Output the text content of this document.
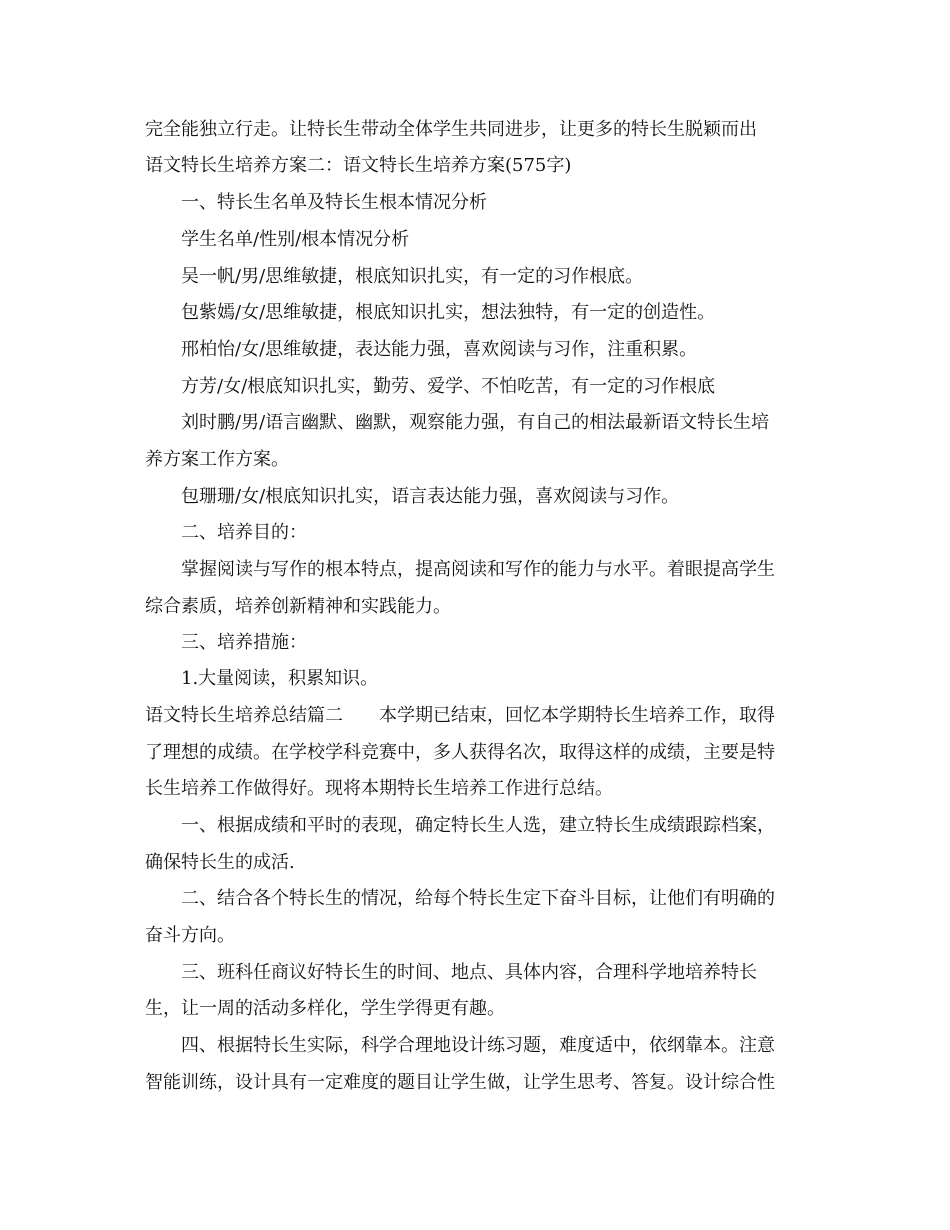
完全能独立行走。让特长生带动全体学生共同进步，让更多的特长生脱颖而出
语文特长生培养方案二：语文特长生培养方案(575字)
一、特长生名单及特长生根本情况分析
学生名单/性别/根本情况分析
吴一帆/男/思维敏捷，根底知识扎实，有一定的习作根底。
包紫嫣/女/思维敏捷，根底知识扎实，想法独特，有一定的创造性。
邢柏怡/女/思维敏捷，表达能力强，喜欢阅读与习作，注重积累。
方芳/女/根底知识扎实，勤劳、爱学、不怕吃苦，有一定的习作根底
刘时鹏/男/语言幽默、幽默，观察能力强，有自己的相法最新语文特长生培
养方案工作方案。
包珊珊/女/根底知识扎实，语言表达能力强，喜欢阅读与习作。
二、培养目的：
掌握阅读与写作的根本特点，提高阅读和写作的能力与水平。着眼提高学生
综合素质，培养创新精神和实践能力。
三、培养措施：
1.大量阅读，积累知识。
语文特长生培养总结篇二　　本学期已结束，回忆本学期特长生培养工作，取得
了理想的成绩。在学校学科竞赛中，多人获得名次，取得这样的成绩，主要是特
长生培养工作做得好。现将本期特长生培养工作进行总结。
一、根据成绩和平时的表现，确定特长生人选，建立特长生成绩跟踪档案，
确保特长生的成活.
二、结合各个特长生的情况，给每个特长生定下奋斗目标，让他们有明确的
奋斗方向。
三、班科任商议好特长生的时间、地点、具体内容，合理科学地培养特长
生，让一周的活动多样化，学生学得更有趣。
四、根据特长生实际，科学合理地设计练习题，难度适中，依纲靠本。注意
智能训练，设计具有一定难度的题目让学生做，让学生思考、答复。设计综合性
